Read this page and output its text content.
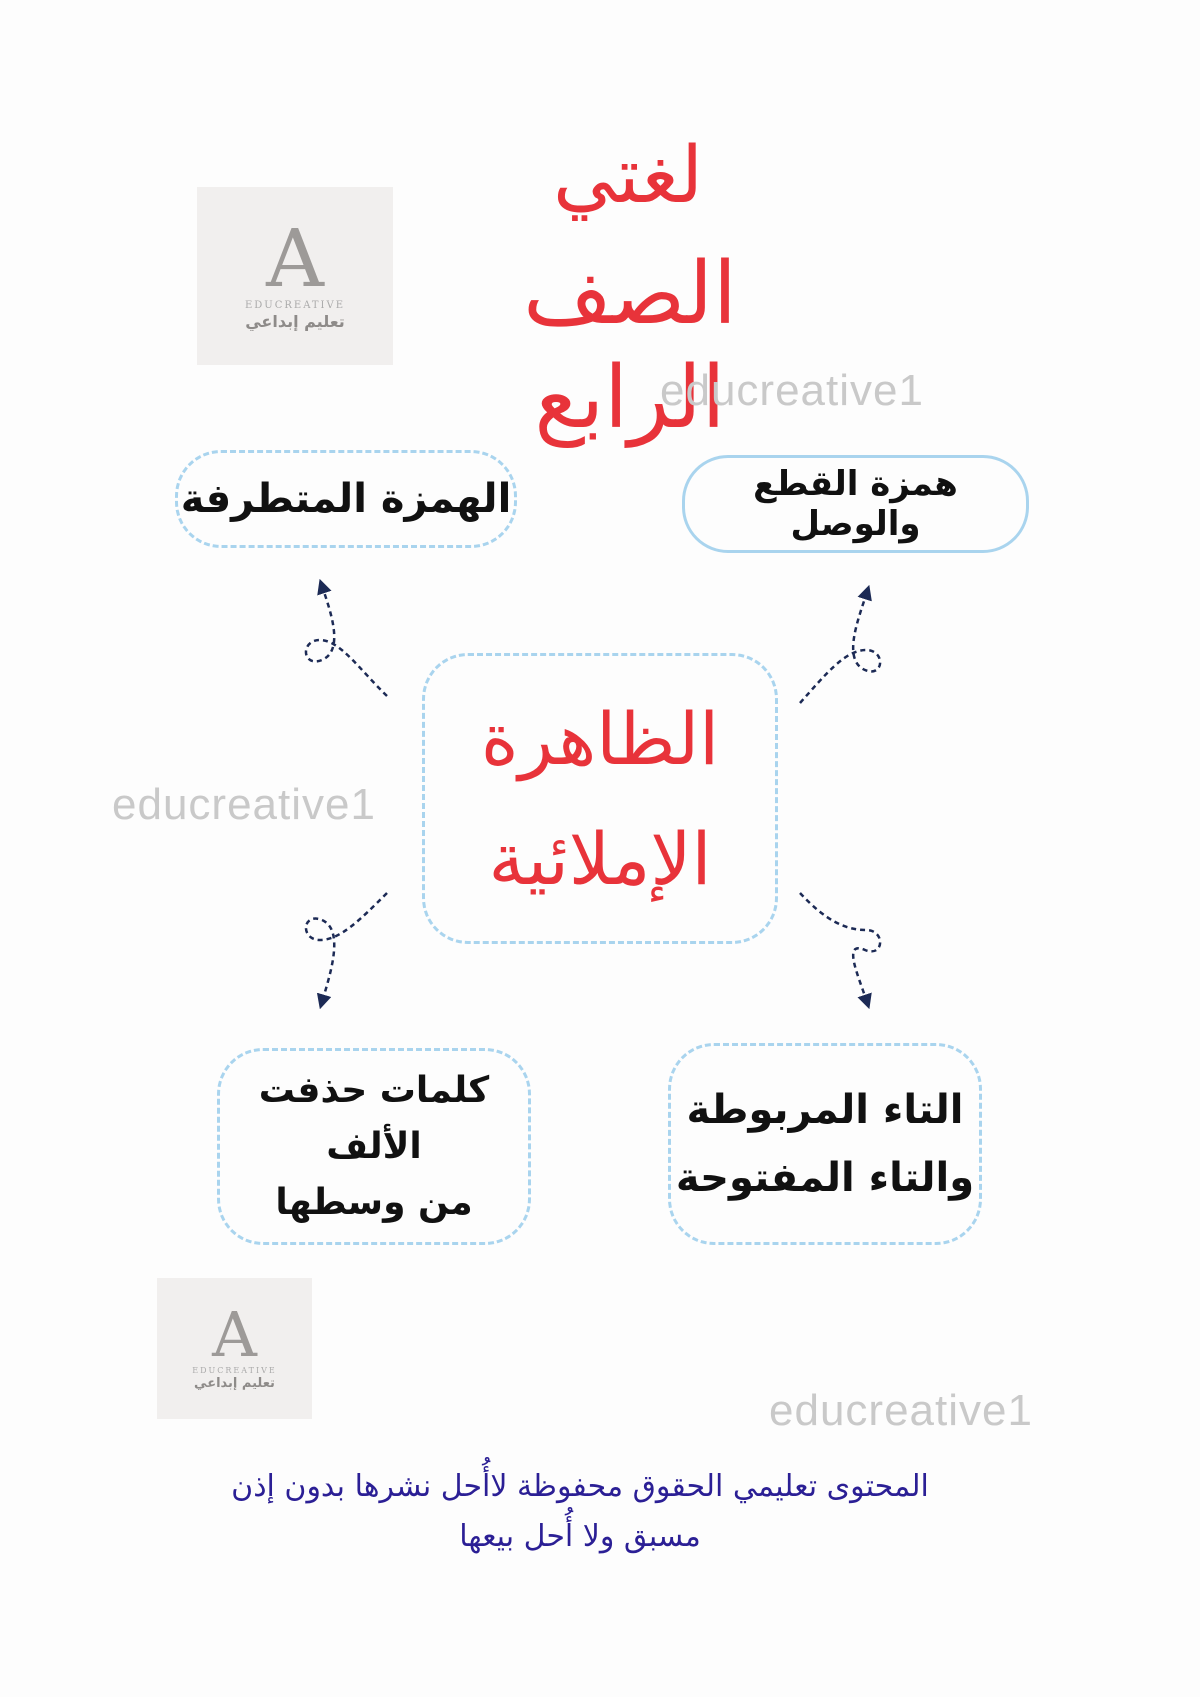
لغتي
الصف الرابع
A
EDUCREATIVE
تعليم إبداعي
educreative1
الهمزة المتطرفة	همزة القطع والوصل
educreative1
الظاهرة
الإملائية
كلمات حذفت
الألف
من وسطها
التاء المربوطة
والتاء المفتوحة
A
EDUCREATIVE
تعليم إبداعي
educreative1
المحتوى تعليمي الحقوق محفوظة لاأُحل نشرها بدون إذن
مسبق ولا أُحل بيعها
